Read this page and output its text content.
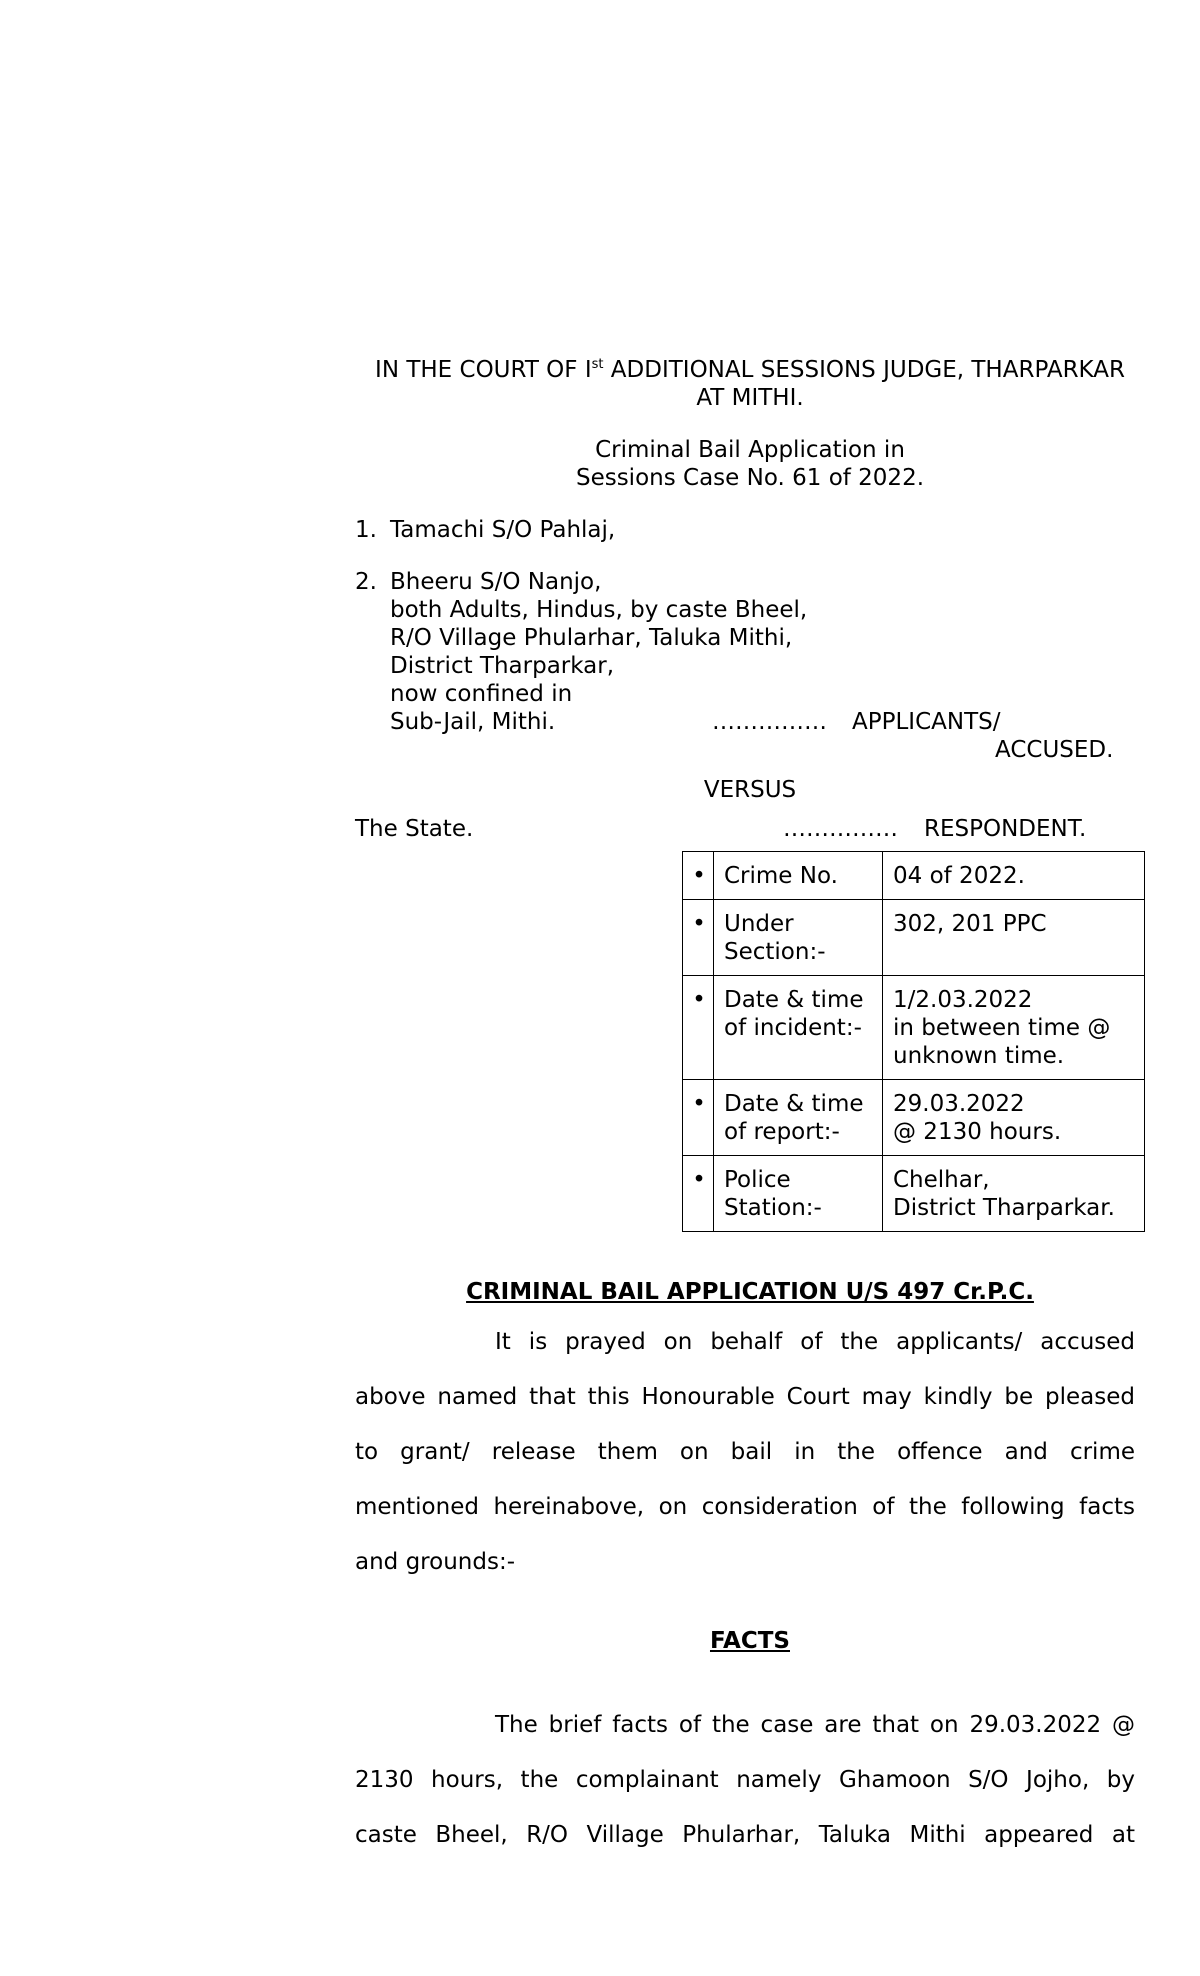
IN THE COURT OF Ist ADDITIONAL SESSIONS JUDGE, THARPARKAR
AT MITHI.
Criminal Bail Application in
Sessions Case No. 61 of 2022.
1. Tamachi S/O Pahlaj,
2. Bheeru S/O Nanjo,
both Adults, Hindus, by caste Bheel,
R/O Village Phularhar, Taluka Mithi,
District Tharparkar,
now confined in
Sub-Jail, Mithi.	…………… APPLICANTS/
ACCUSED.
VERSUS
The State.	…………… RESPONDENT.
•	Crime No.	04 of 2022.
•	Under
Section:-	302, 201 PPC
•	Date & time
of incident:-	1/2.03.2022
in between time @
unknown time.
•	Date & time
of report:-	29.03.2022
@ 2130 hours.
•	Police
Station:-	Chelhar,
District Tharparkar.
CRIMINAL BAIL APPLICATION U/S 497 Cr.P.C.
It is prayed on behalf of the applicants/ accused
above named that this Honourable Court may kindly be pleased
to grant/ release them on bail in the offence and crime
mentioned hereinabove, on consideration of the following facts
and grounds:-
FACTS
The brief facts of the case are that on 29.03.2022 @
2130 hours, the complainant namely Ghamoon S/O Jojho, by
caste Bheel, R/O Village Phularhar, Taluka Mithi appeared at
